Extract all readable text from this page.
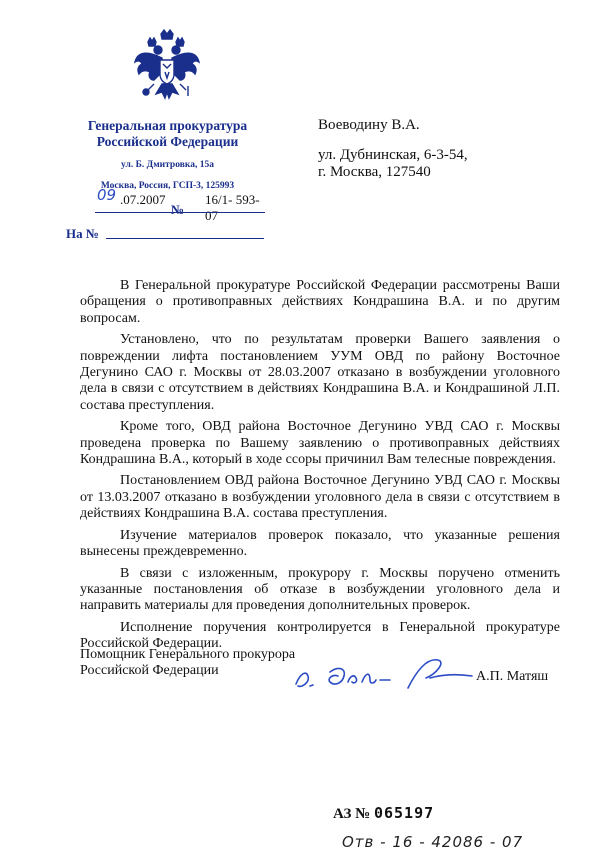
Генеральная прокуратура
Российской Федерации
ул. Б. Дмитровка, 15а
Москва, Россия, ГСП-3, 125993
09 .07.2007	16/1- 593-07
№
На №
Воеводину В.А.
ул. Дубнинская, 6-3-54,
г. Москва, 127540

В Генеральной прокуратуре Российской Федерации рассмотрены Ваши обращения о противоправных действиях Кондрашина В.А. и по другим вопросам.

Установлено, что по результатам проверки Вашего заявления о повреждении лифта постановлением УУМ ОВД по району Восточное Дегунино САО г. Москвы от 28.03.2007 отказано в возбуждении уголовного дела в связи с отсутствием в действиях Кондрашина В.А. и Кондрашиной Л.П. состава преступления.

Кроме того, ОВД района Восточное Дегунино УВД САО г. Москвы проведена проверка по Вашему заявлению о противоправных действиях Кондрашина В.А., который в ходе ссоры причинил Вам телесные повреждения.

Постановлением ОВД района Восточное Дегунино УВД САО г. Москвы от 13.03.2007 отказано в возбуждении уголовного дела в связи с отсутствием в действиях Кондрашина В.А. состава преступления.

Изучение материалов проверок показало, что указанные решения вынесены преждевременно.

В связи с изложенным, прокурору г. Москвы поручено отменить указанные постановления об отказе в возбуждении уголовного дела и направить материалы для проведения дополнительных проверок.

Исполнение поручения контролируется в Генеральной прокуратуре Российской Федерации.

Помощник Генерального прокурора
Российской Федерации	А.П. Матяш
АЗ № 065197
Отв - 16 - 42086 - 07
